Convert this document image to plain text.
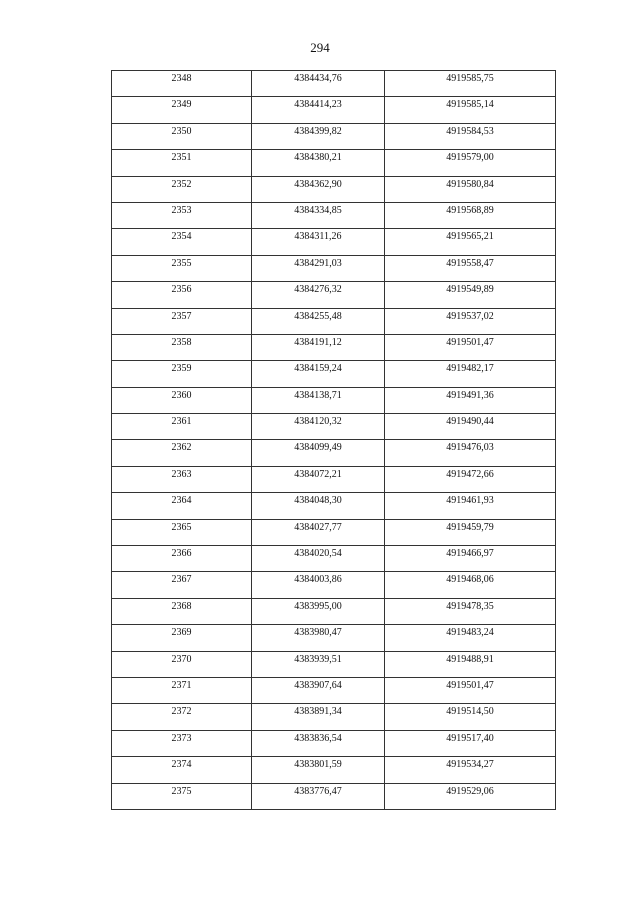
294
2348	4384434,76	4919585,75
2349	4384414,23	4919585,14
2350	4384399,82	4919584,53
2351	4384380,21	4919579,00
2352	4384362,90	4919580,84
2353	4384334,85	4919568,89
2354	4384311,26	4919565,21
2355	4384291,03	4919558,47
2356	4384276,32	4919549,89
2357	4384255,48	4919537,02
2358	4384191,12	4919501,47
2359	4384159,24	4919482,17
2360	4384138,71	4919491,36
2361	4384120,32	4919490,44
2362	4384099,49	4919476,03
2363	4384072,21	4919472,66
2364	4384048,30	4919461,93
2365	4384027,77	4919459,79
2366	4384020,54	4919466,97
2367	4384003,86	4919468,06
2368	4383995,00	4919478,35
2369	4383980,47	4919483,24
2370	4383939,51	4919488,91
2371	4383907,64	4919501,47
2372	4383891,34	4919514,50
2373	4383836,54	4919517,40
2374	4383801,59	4919534,27
2375	4383776,47	4919529,06
